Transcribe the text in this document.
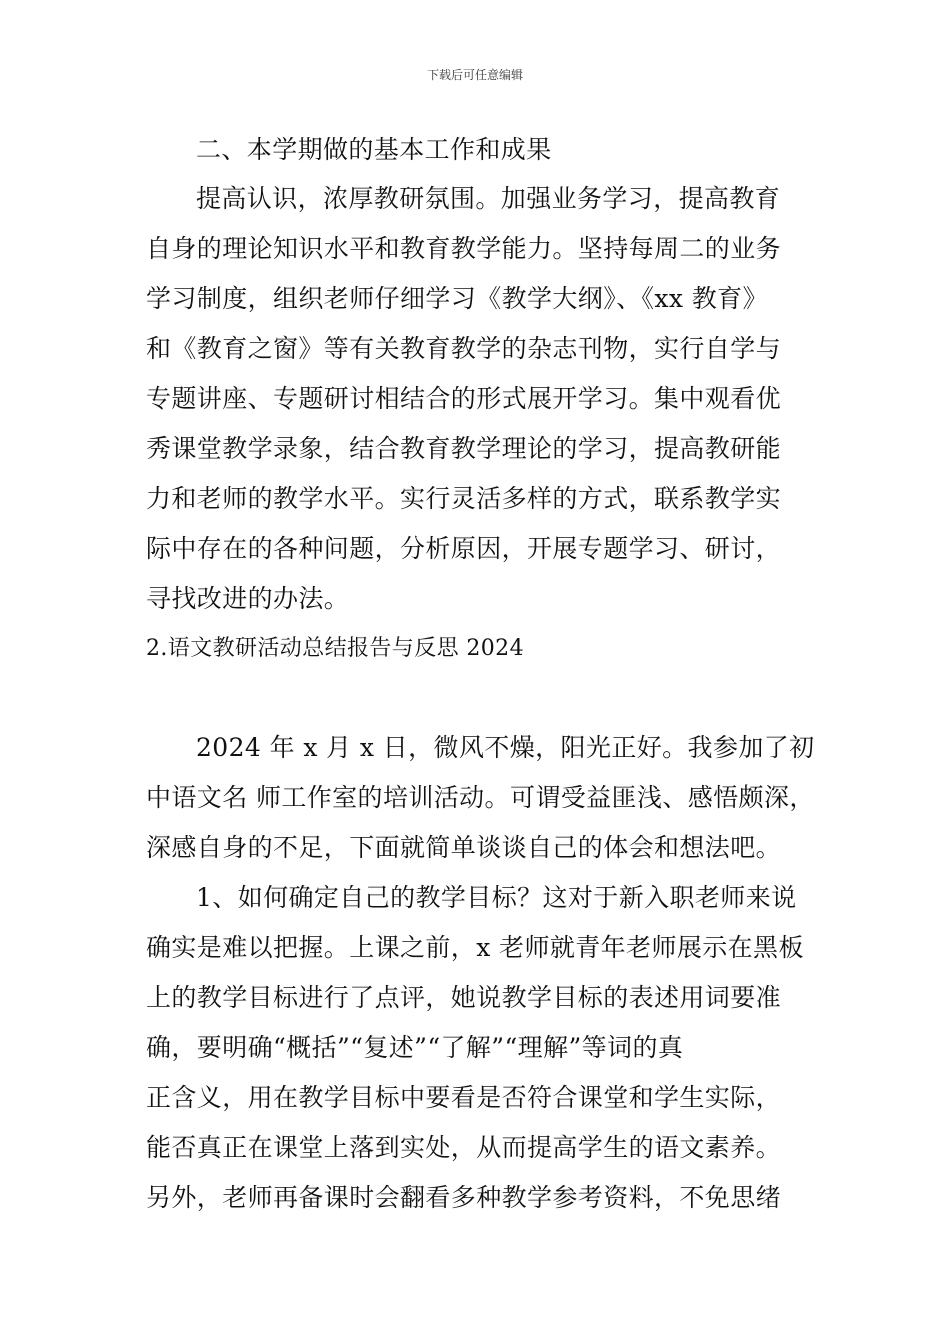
下载后可任意编辑
二、本学期做的基本工作和成果
提高认识，浓厚教研氛围。加强业务学习，提高教育
自身的理论知识水平和教育教学能力。坚持每周二的业务
学习制度，组织老师仔细学习《教学大纲》、《xx 教育》
和《教育之窗》等有关教育教学的杂志刊物，实行自学与
专题讲座、专题研讨相结合的形式展开学习。集中观看优
秀课堂教学录象，结合教育教学理论的学习，提高教研能
力和老师的教学水平。实行灵活多样的方式，联系教学实
际中存在的各种问题，分析原因，开展专题学习、研讨，
寻找改进的办法。
2.语文教研活动总结报告与反思 2024
2024 年 x 月 x 日，微风不燥，阳光正好。我参加了初
中语文名 师工作室的培训活动。可谓受益匪浅、感悟颇深，
深感自身的不足，下面就简单谈谈自己的体会和想法吧。
1、如何确定自己的教学目标？这对于新入职老师来说
确实是难以把握。上课之前，x 老师就青年老师展示在黑板
上的教学目标进行了点评，她说教学目标的表述用词要准
确，要明确“概括”“复述”“了解”“理解”等词的真
正含义，用在教学目标中要看是否符合课堂和学生实际，
能否真正在课堂上落到实处，从而提高学生的语文素养。
另外，老师再备课时会翻看多种教学参考资料，不免思绪
